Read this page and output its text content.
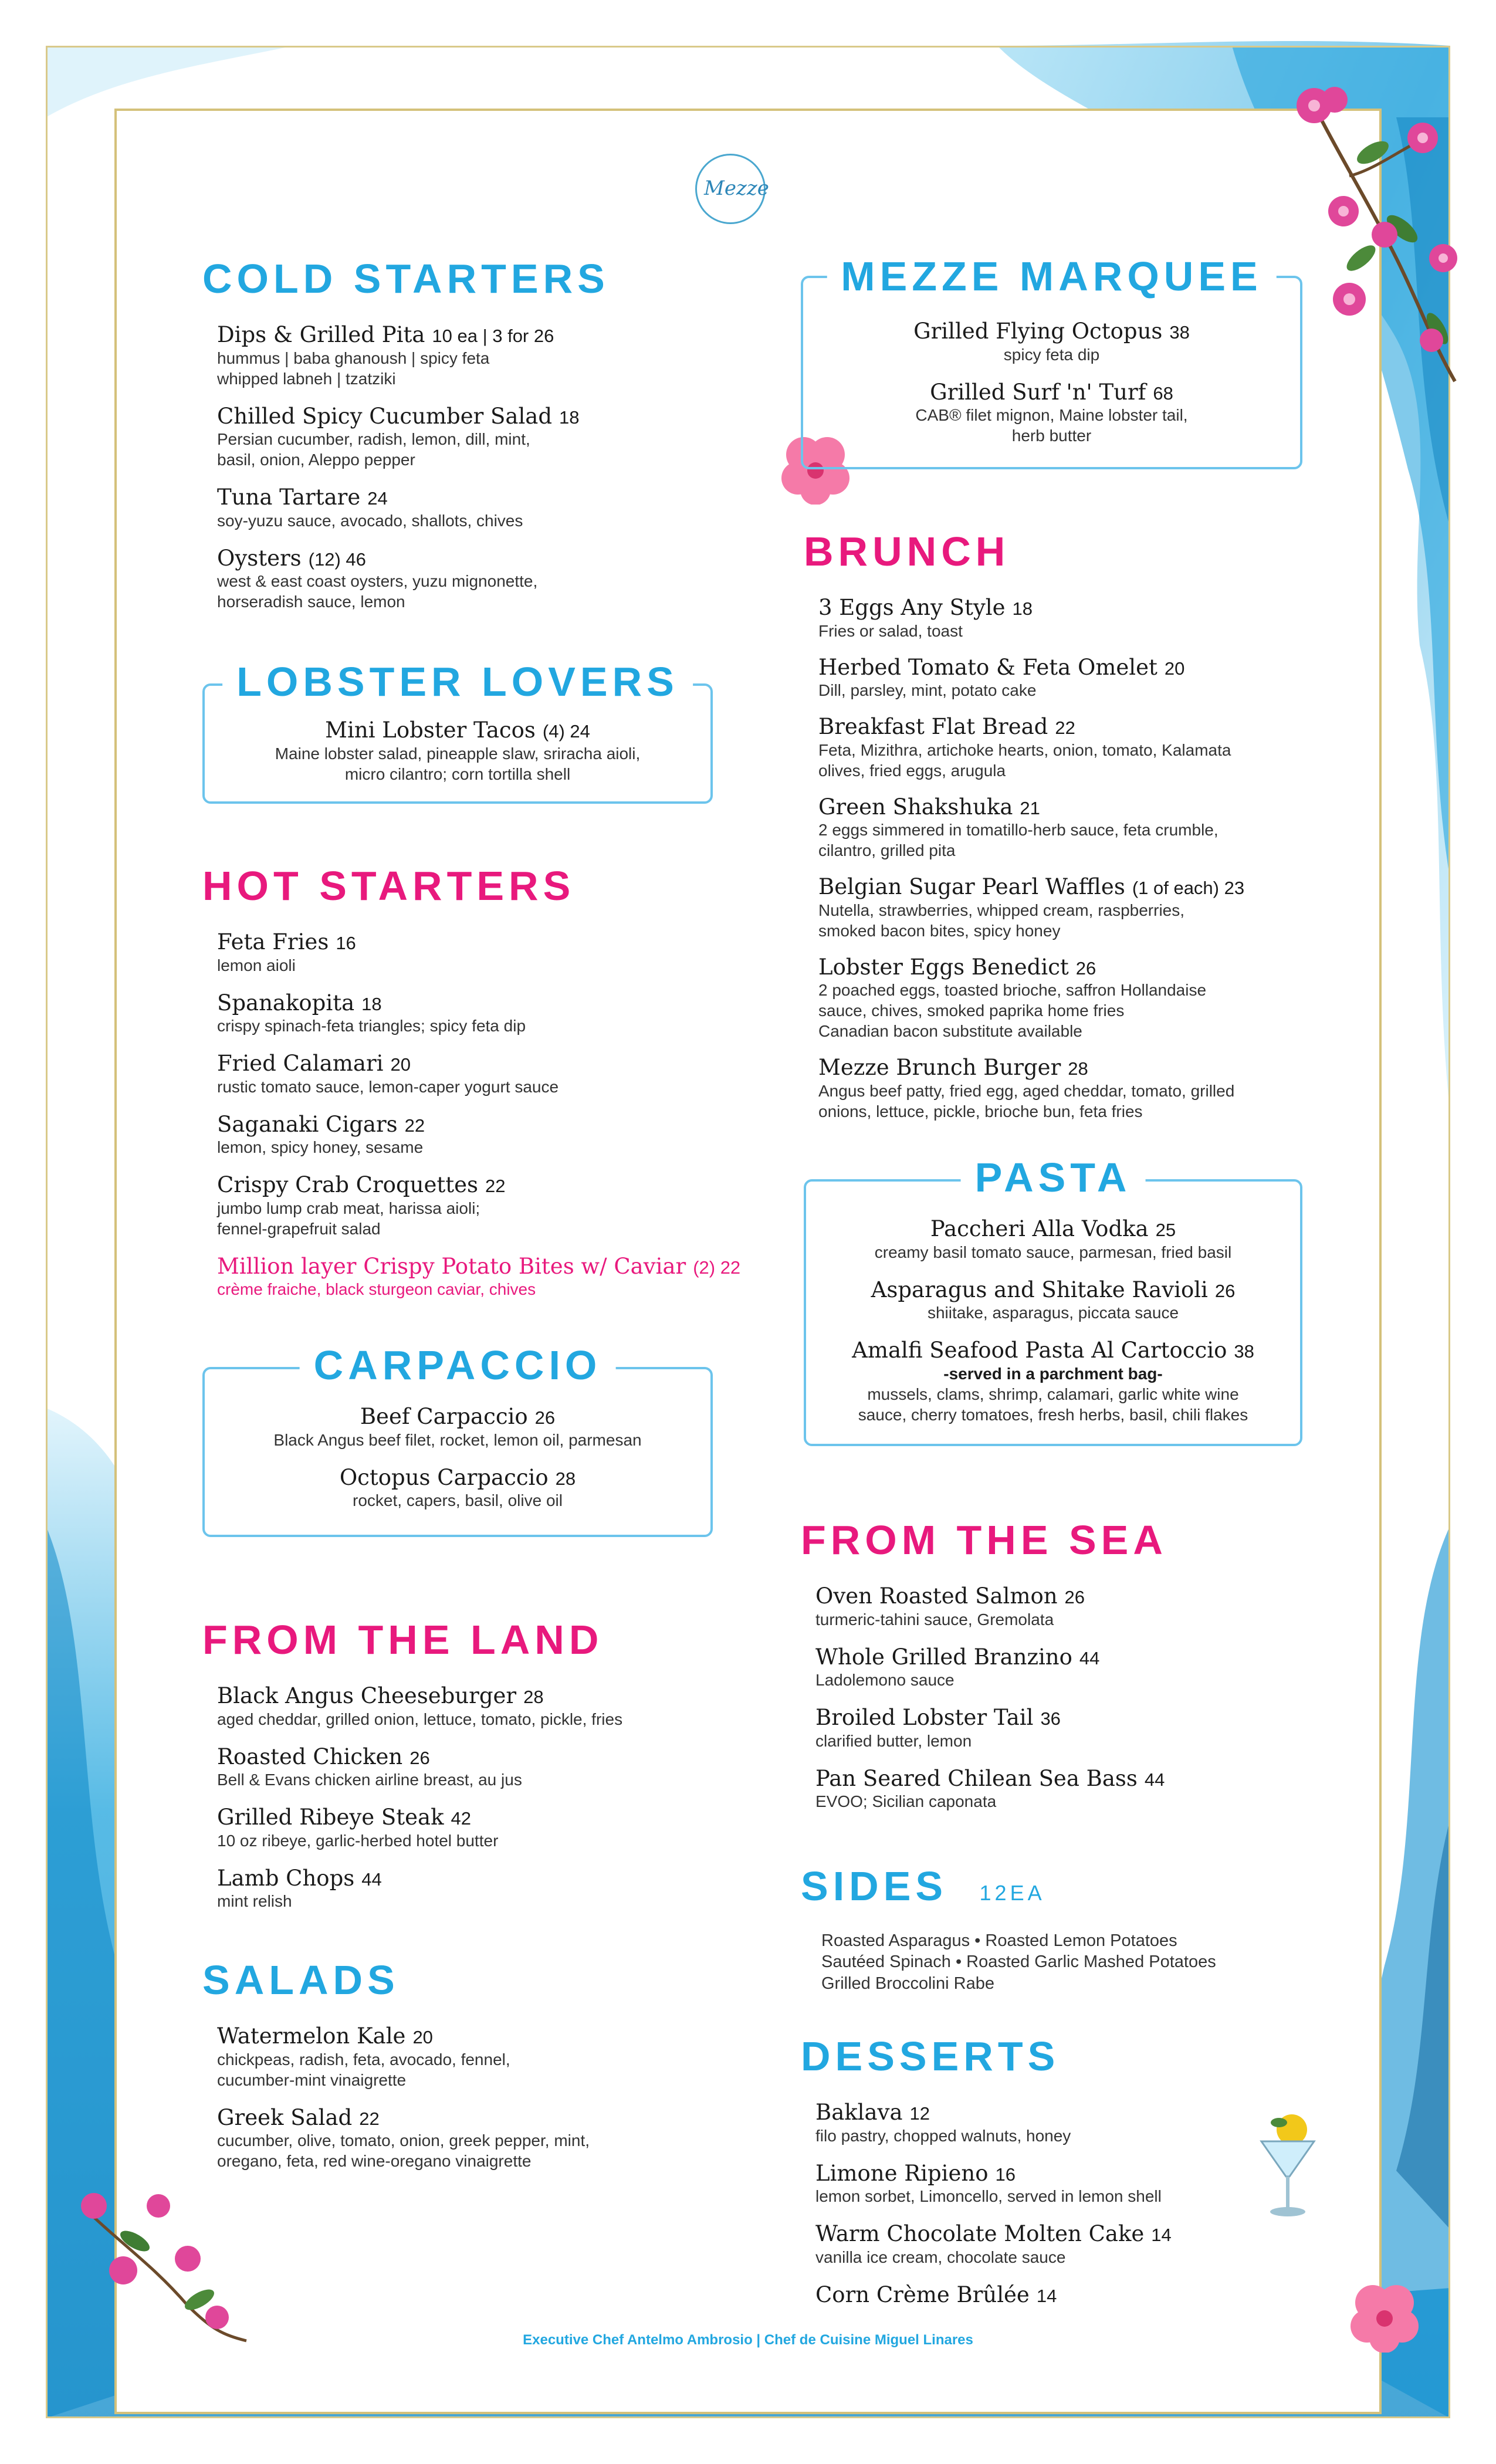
Mezze
COLD STARTERS
Dips & Grilled Pita 10 ea | 3 for 26
hummus | baba ghanoush | spicy feta
whipped labneh | tzatziki
Chilled Spicy Cucumber Salad 18
Persian cucumber, radish, lemon, dill, mint,
basil, onion, Aleppo pepper
Tuna Tartare 24
soy-yuzu sauce, avocado, shallots, chives
Oysters (12) 46
west & east coast oysters, yuzu mignonette,
horseradish sauce, lemon
LOBSTER LOVERS
Mini Lobster Tacos (4) 24
Maine lobster salad, pineapple slaw, sriracha aioli,
micro cilantro; corn tortilla shell
HOT STARTERS
Feta Fries 16
lemon aioli
Spanakopita 18
crispy spinach-feta triangles; spicy feta dip
Fried Calamari 20
rustic tomato sauce, lemon-caper yogurt sauce
Saganaki Cigars 22
lemon, spicy honey, sesame
Crispy Crab Croquettes 22
jumbo lump crab meat, harissa aioli;
fennel-grapefruit salad
Million layer Crispy Potato Bites w/ Caviar (2) 22
crème fraiche, black sturgeon caviar, chives
CARPACCIO
Beef Carpaccio 26
Black Angus beef filet, rocket, lemon oil, parmesan
Octopus Carpaccio 28
rocket, capers, basil, olive oil
FROM THE LAND
Black Angus Cheeseburger 28
aged cheddar, grilled onion, lettuce, tomato, pickle, fries
Roasted Chicken 26
Bell & Evans chicken airline breast, au jus
Grilled Ribeye Steak 42
10 oz ribeye, garlic-herbed hotel butter
Lamb Chops 44
mint relish
SALADS
Watermelon Kale 20
chickpeas, radish, feta, avocado, fennel,
cucumber-mint vinaigrette
Greek Salad 22
cucumber, olive, tomato, onion, greek pepper, mint,
oregano, feta, red wine-oregano vinaigrette
MEZZE MARQUEE
Grilled Flying Octopus 38
spicy feta dip
Grilled Surf 'n' Turf 68
CAB® filet mignon, Maine lobster tail,
herb butter
BRUNCH
3 Eggs Any Style 18
Fries or salad, toast
Herbed Tomato & Feta Omelet 20
Dill, parsley, mint, potato cake
Breakfast Flat Bread 22
Feta, Mizithra, artichoke hearts, onion, tomato, Kalamata
olives, fried eggs, arugula
Green Shakshuka 21
2 eggs simmered in tomatillo-herb sauce, feta crumble,
cilantro, grilled pita
Belgian Sugar Pearl Waffles (1 of each) 23
Nutella, strawberries, whipped cream, raspberries,
smoked bacon bites, spicy honey
Lobster Eggs Benedict 26
2 poached eggs, toasted brioche, saffron Hollandaise
sauce, chives, smoked paprika home fries
Canadian bacon substitute available
Mezze Brunch Burger 28
Angus beef patty, fried egg, aged cheddar, tomato, grilled
onions, lettuce, pickle, brioche bun, feta fries
PASTA
Paccheri Alla Vodka 25
creamy basil tomato sauce, parmesan, fried basil
Asparagus and Shitake Ravioli 26
shiitake, asparagus, piccata sauce
Amalfi Seafood Pasta Al Cartoccio 38
-served in a parchment bag-
mussels, clams, shrimp, calamari, garlic white wine
sauce, cherry tomatoes, fresh herbs, basil, chili flakes
FROM THE SEA
Oven Roasted Salmon 26
turmeric-tahini sauce, Gremolata
Whole Grilled Branzino 44
Ladolemono sauce
Broiled Lobster Tail 36
clarified butter, lemon
Pan Seared Chilean Sea Bass 44
EVOO; Sicilian caponata
SIDES 12EA
Roasted Asparagus • Roasted Lemon Potatoes
Sautéed Spinach • Roasted Garlic Mashed Potatoes
Grilled Broccolini Rabe
DESSERTS
Baklava 12
filo pastry, chopped walnuts, honey
Limone Ripieno 16
lemon sorbet, Limoncello, served in lemon shell
Warm Chocolate Molten Cake 14
vanilla ice cream, chocolate sauce
Corn Crème Brûlée 14
Executive Chef Antelmo Ambrosio | Chef de Cuisine Miguel Linares
*Consuming raw or undercooked meats, poultry, seafood, shellfish or eggs may increase your risk of foodborne illness.
